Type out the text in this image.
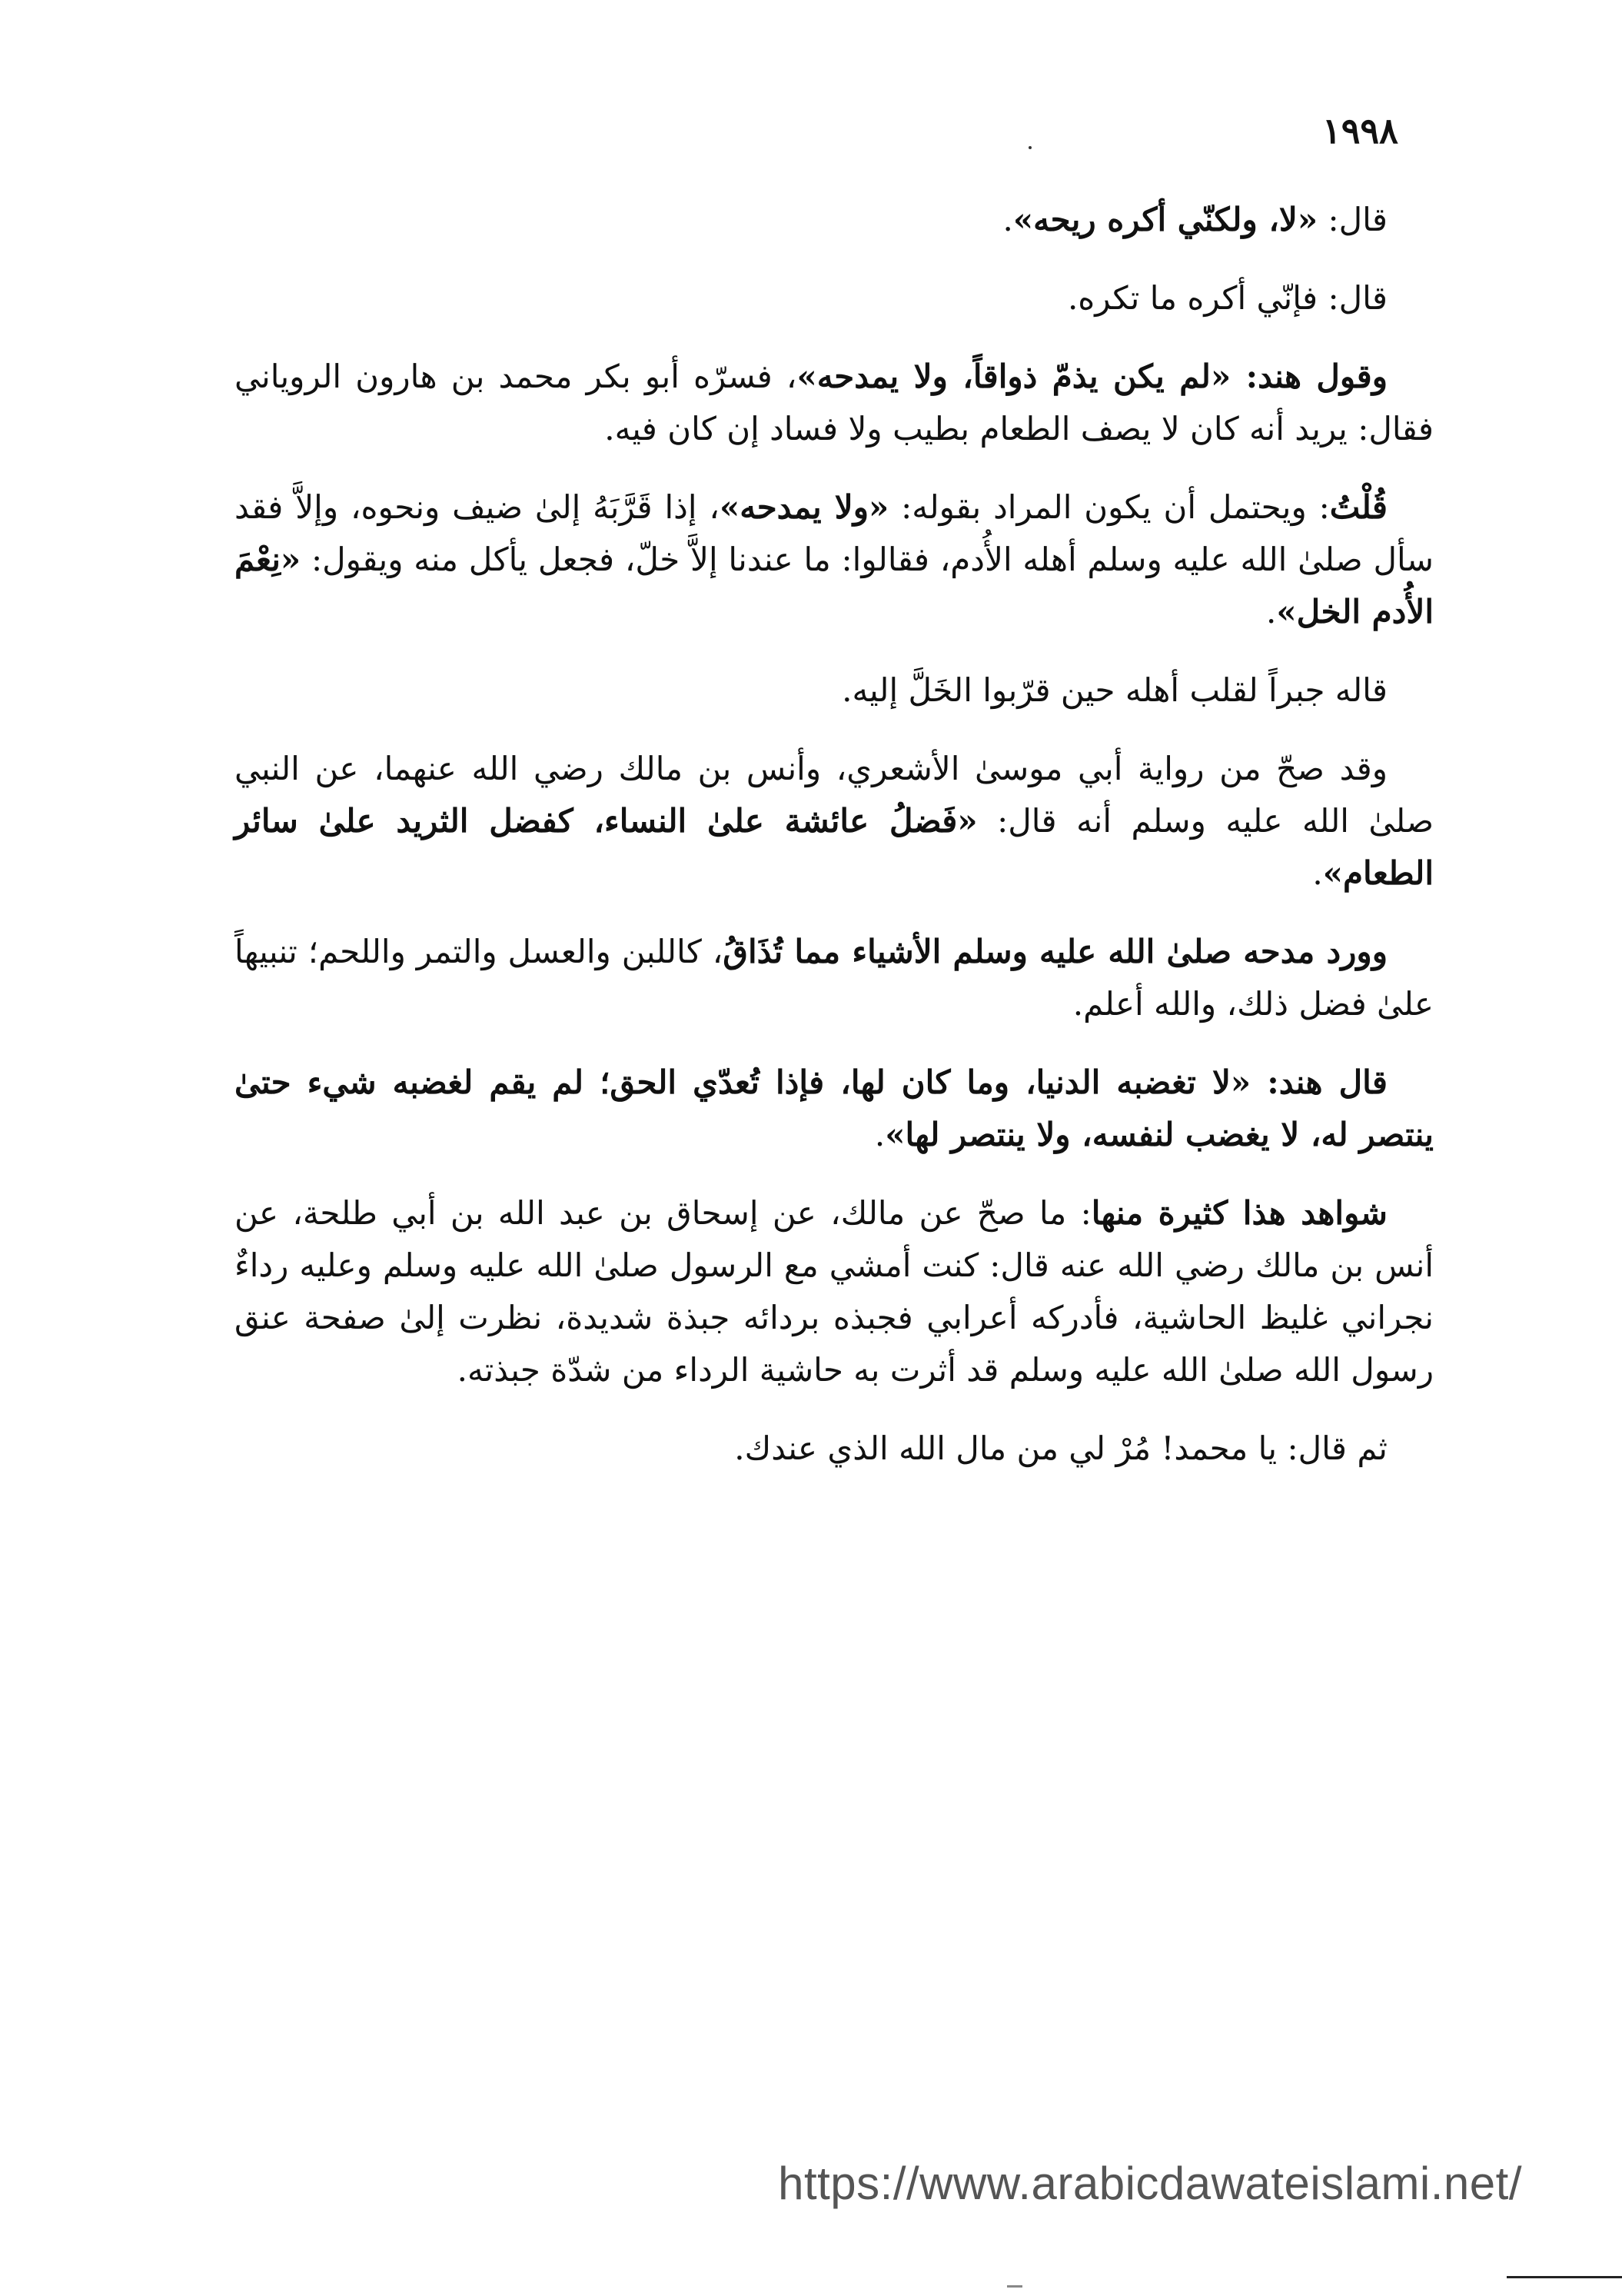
١٩٩٨

قال: «لا، ولكنّي أكره ريحه».

قال: فإنّي أكره ما تكره.

وقول هند: «لم يكن يذمّ ذواقاً، ولا يمدحه»، فسرّه أبو بكر محمد بن هارون الروياني فقال: يريد أنه كان لا يصف الطعام بطيب ولا فساد إن كان فيه.

قُلْتُ: ويحتمل أن يكون المراد بقوله: «ولا يمدحه»، إذا قَرَّبَهُ إلىٰ ضيف ونحوه، وإلاَّ فقد سأل صلىٰ الله عليه وسلم أهله الأُدم، فقالوا: ما عندنا إلاَّ خلّ، فجعل يأكل منه ويقول: «نِعْمَ الأُدم الخل».

قاله جبراً لقلب أهله حين قرّبوا الخَلَّ إليه.

وقد صحّ من رواية أبي موسىٰ الأشعري، وأنس بن مالك رضي الله عنهما، عن النبي صلىٰ الله عليه وسلم أنه قال: «فَضلُ عائشة علىٰ النساء، كفضل الثريد علىٰ سائر الطعام».

وورد مدحه صلىٰ الله عليه وسلم الأشياء مما تُذَاقُ، كاللبن والعسل والتمر واللحم؛ تنبيهاً علىٰ فضل ذلك، والله أعلم.

قال هند: «لا تغضبه الدنيا، وما كان لها، فإذا تُعدّي الحق؛ لم يقم لغضبه شيء حتىٰ ينتصر له، لا يغضب لنفسه، ولا ينتصر لها».

شواهد هذا كثيرة منها: ما صحّ عن مالك، عن إسحاق بن عبد الله بن أبي طلحة، عن أنس بن مالك رضي الله عنه قال: كنت أمشي مع الرسول صلىٰ الله عليه وسلم وعليه رداءٌ نجراني غليظ الحاشية، فأدركه أعرابي فجبذه بردائه جبذة شديدة، نظرت إلىٰ صفحة عنق رسول الله صلىٰ الله عليه وسلم قد أثرت به حاشية الرداء من شدّة جبذته.

ثم قال: يا محمد! مُرْ لي من مال الله الذي عندك.

https://www.arabicdawateislami.net/
